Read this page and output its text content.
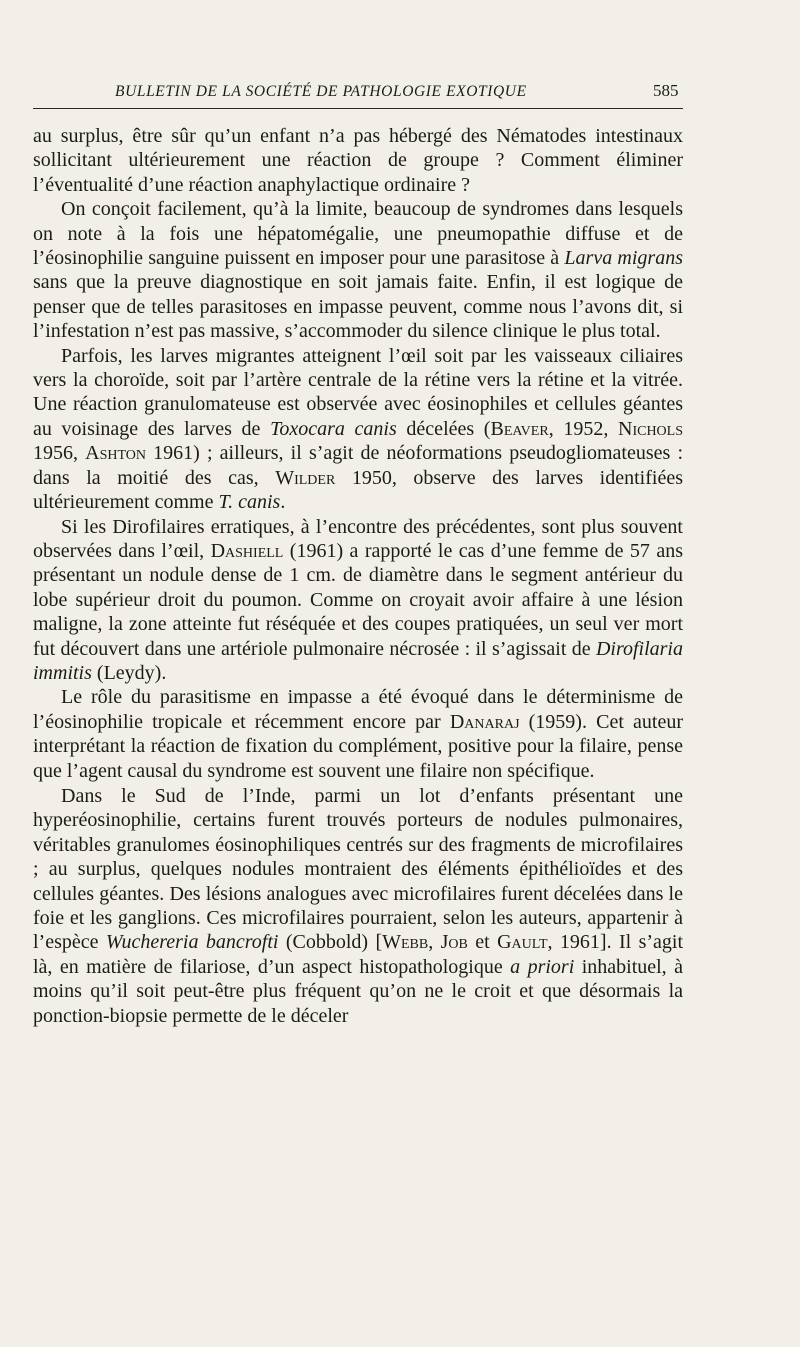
BULLETIN DE LA SOCIÉTÉ DE PATHOLOGIE EXOTIQUE	585

au surplus, être sûr qu’un enfant n’a pas hébergé des Nématodes intestinaux sollicitant ultérieurement une réaction de groupe ? Comment éliminer l’éventualité d’une réaction anaphylactique ordinaire ?

On conçoit facilement, qu’à la limite, beaucoup de syndromes dans lesquels on note à la fois une hépatomégalie, une pneumopathie diffuse et de l’éosinophilie sanguine puissent en imposer pour une parasitose à Larva migrans sans que la preuve diagnostique en soit jamais faite. Enfin, il est logique de penser que de telles parasitoses en impasse peuvent, comme nous l’avons dit, si l’infestation n’est pas massive, s’accommoder du silence clinique le plus total.

Parfois, les larves migrantes atteignent l’œil soit par les vaisseaux ciliaires vers la choroïde, soit par l’artère centrale de la rétine vers la rétine et la vitrée. Une réaction granulomateuse est observée avec éosinophiles et cellules géantes au voisinage des larves de Toxocara canis décelées (Beaver, 1952, Nichols 1956, Ashton 1961) ; ailleurs, il s’agit de néoformations pseudogliomateuses : dans la moitié des cas, Wilder 1950, observe des larves identifiées ultérieurement comme T. canis.

Si les Dirofilaires erratiques, à l’encontre des précédentes, sont plus souvent observées dans l’œil, Dashiell (1961) a rapporté le cas d’une femme de 57 ans présentant un nodule dense de 1 cm. de diamètre dans le segment antérieur du lobe supérieur droit du poumon. Comme on croyait avoir affaire à une lésion maligne, la zone atteinte fut réséquée et des coupes pratiquées, un seul ver mort fut découvert dans une artériole pulmonaire nécrosée : il s’agissait de Dirofilaria immitis (Leydy).

Le rôle du parasitisme en impasse a été évoqué dans le déterminisme de l’éosinophilie tropicale et récemment encore par Danaraj (1959). Cet auteur interprétant la réaction de fixation du complément, positive pour la filaire, pense que l’agent causal du syndrome est souvent une filaire non spécifique.

Dans le Sud de l’Inde, parmi un lot d’enfants présentant une hyperéosinophilie, certains furent trouvés porteurs de nodules pulmonaires, véritables granulomes éosinophiliques centrés sur des fragments de microfilaires ; au surplus, quelques nodules montraient des éléments épithélioïdes et des cellules géantes. Des lésions analogues avec microfilaires furent décelées dans le foie et les ganglions. Ces microfilaires pourraient, selon les auteurs, appartenir à l’espèce Wuchereria bancrofti (Cobbold) [Webb, Job et Gault, 1961]. Il s’agit là, en matière de filariose, d’un aspect histopathologique a priori inhabituel, à moins qu’il soit peut-être plus fréquent qu’on ne le croit et que désormais la ponction-biopsie permette de le déceler
